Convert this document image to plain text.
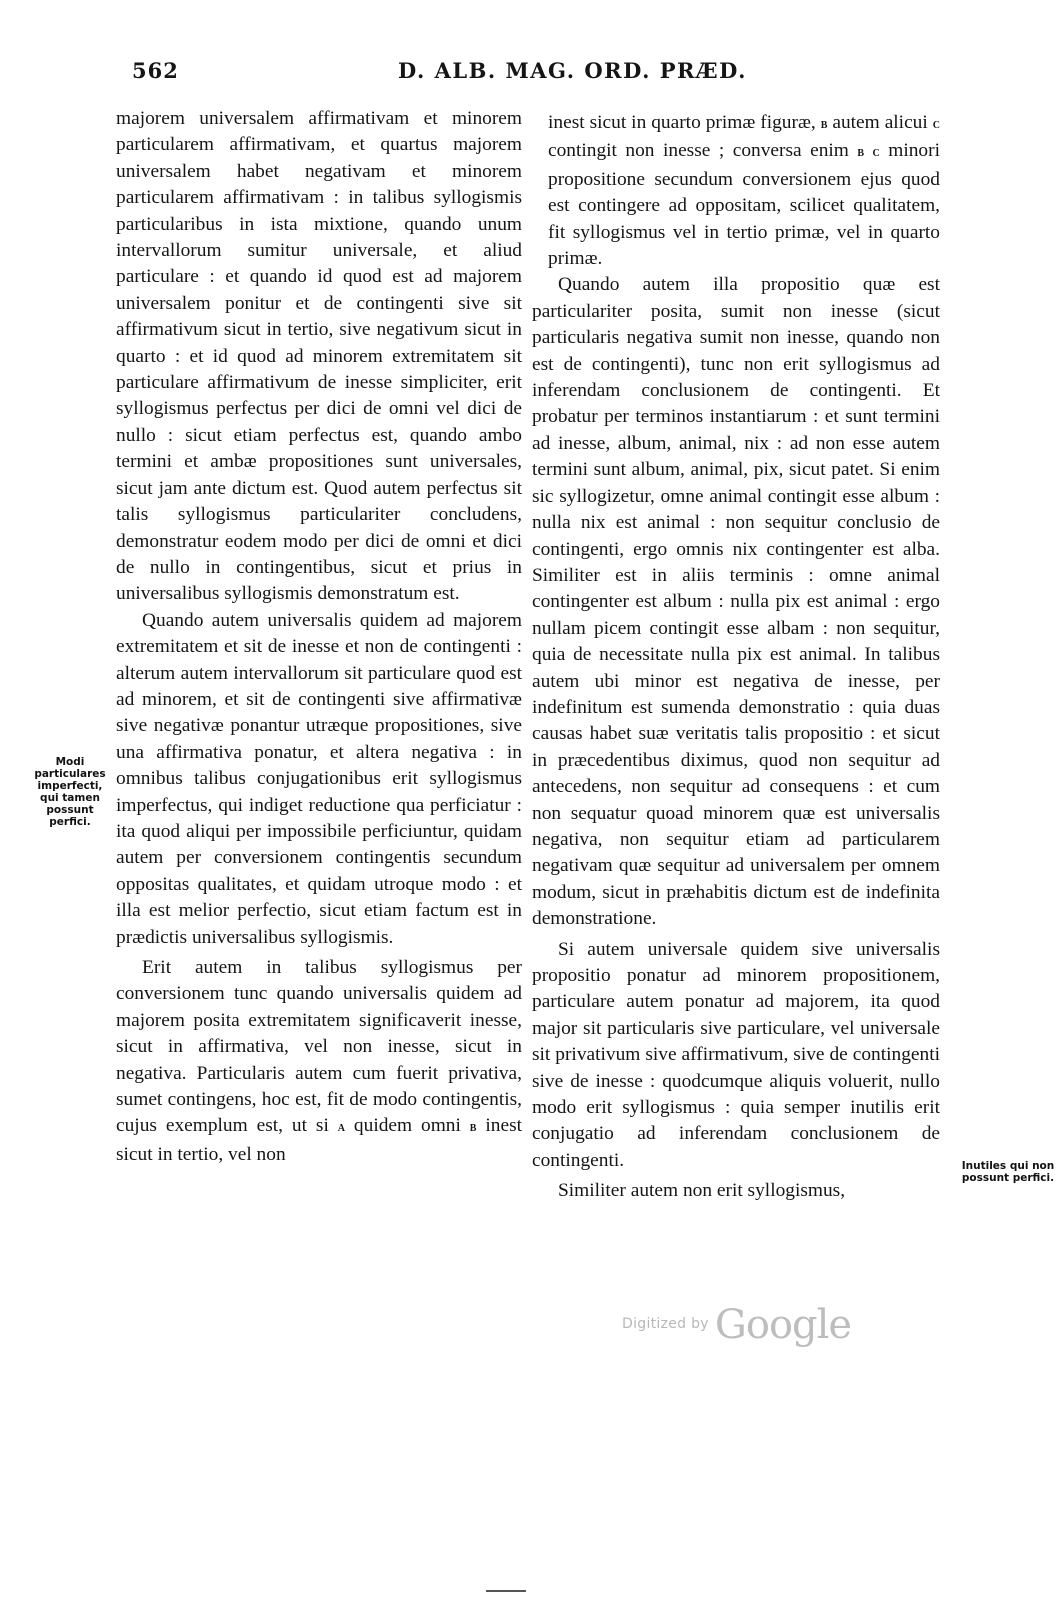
562	D. ALB. MAG. ORD. PRÆD.
Modi particulares imperfecti, qui tamen possunt perfici.
Inutiles qui non possunt perfici.

majorem universalem affirmativam et minorem particularem affirmativam, et quartus majorem universalem habet negativam et minorem particularem affirmativam : in talibus syllogismis particularibus in ista mixtione, quando unum intervallorum sumitur universale, et aliud particulare : et quando id quod est ad majorem universalem ponitur et de contingenti sive sit affirmativum sicut in tertio, sive negativum sicut in quarto : et id quod ad minorem extremitatem sit particulare affirmativum de inesse simpliciter, erit syllogismus perfectus per dici de omni vel dici de nullo : sicut etiam perfectus est, quando ambo termini et ambæ propositiones sunt universales, sicut jam ante dictum est. Quod autem perfectus sit talis syllogismus particulariter concludens, demonstratur eodem modo per dici de omni et dici de nullo in contingentibus, sicut et prius in universalibus syllogismis demonstratum est.

Quando autem universalis quidem ad majorem extremitatem et sit de inesse et non de contingenti : alterum autem intervallorum sit particulare quod est ad minorem, et sit de contingenti sive affirmativæ sive negativæ ponantur utræque propositiones, sive una affirmativa ponatur, et altera negativa : in omnibus talibus conjugationibus erit syllogismus imperfectus, qui indiget reductione qua perficiatur : ita quod aliqui per impossibile perficiuntur, quidam autem per conversionem contingentis secundum oppositas qualitates, et quidam utroque modo : et illa est melior perfectio, sicut etiam factum est in prædictis universalibus syllogismis.

Erit autem in talibus syllogismus per conversionem tunc quando universalis quidem ad majorem posita extremitatem significaverit inesse, sicut in affirmativa, vel non inesse, sicut in negativa. Particularis autem cum fuerit privativa, sumet contingens, hoc est, fit de modo contingentis, cujus exemplum est, ut si a quidem omni b inest sicut in tertio, vel non

inest sicut in quarto primæ figuræ, b autem alicui c contingit non inesse ; conversa enim b c minori propositione secundum conversionem ejus quod est contingere ad oppositam, scilicet qualitatem, fit syllogismus vel in tertio primæ, vel in quarto primæ.

Quando autem illa propositio quæ est particulariter posita, sumit non inesse (sicut particularis negativa sumit non inesse, quando non est de contingenti), tunc non erit syllogismus ad inferendam conclusionem de contingenti. Et probatur per terminos instantiarum : et sunt termini ad inesse, album, animal, nix : ad non esse autem termini sunt album, animal, pix, sicut patet. Si enim sic syllogizetur, omne animal contingit esse album : nulla nix est animal : non sequitur conclusio de contingenti, ergo omnis nix contingenter est alba. Similiter est in aliis terminis : omne animal contingenter est album : nulla pix est animal : ergo nullam picem contingit esse albam : non sequitur, quia de necessitate nulla pix est animal. In talibus autem ubi minor est negativa de inesse, per indefinitum est sumenda demonstratio : quia duas causas habet suæ veritatis talis propositio : et sicut in præcedentibus diximus, quod non sequitur ad antecedens, non sequitur ad consequens : et cum non sequatur quoad minorem quæ est universalis negativa, non sequitur etiam ad particularem negativam quæ sequitur ad universalem per omnem modum, sicut in præhabitis dictum est de indefinita demonstratione.

Si autem universale quidem sive universalis propositio ponatur ad minorem propositionem, particulare autem ponatur ad majorem, ita quod major sit particularis sive particulare, vel universale sit privativum sive affirmativum, sive de contingenti sive de inesse : quodcumque aliquis voluerit, nullo modo erit syllogismus : quia semper inutilis erit conjugatio ad inferendam conclusionem de contingenti.

Similiter autem non erit syllogismus,

Digitized by Google
